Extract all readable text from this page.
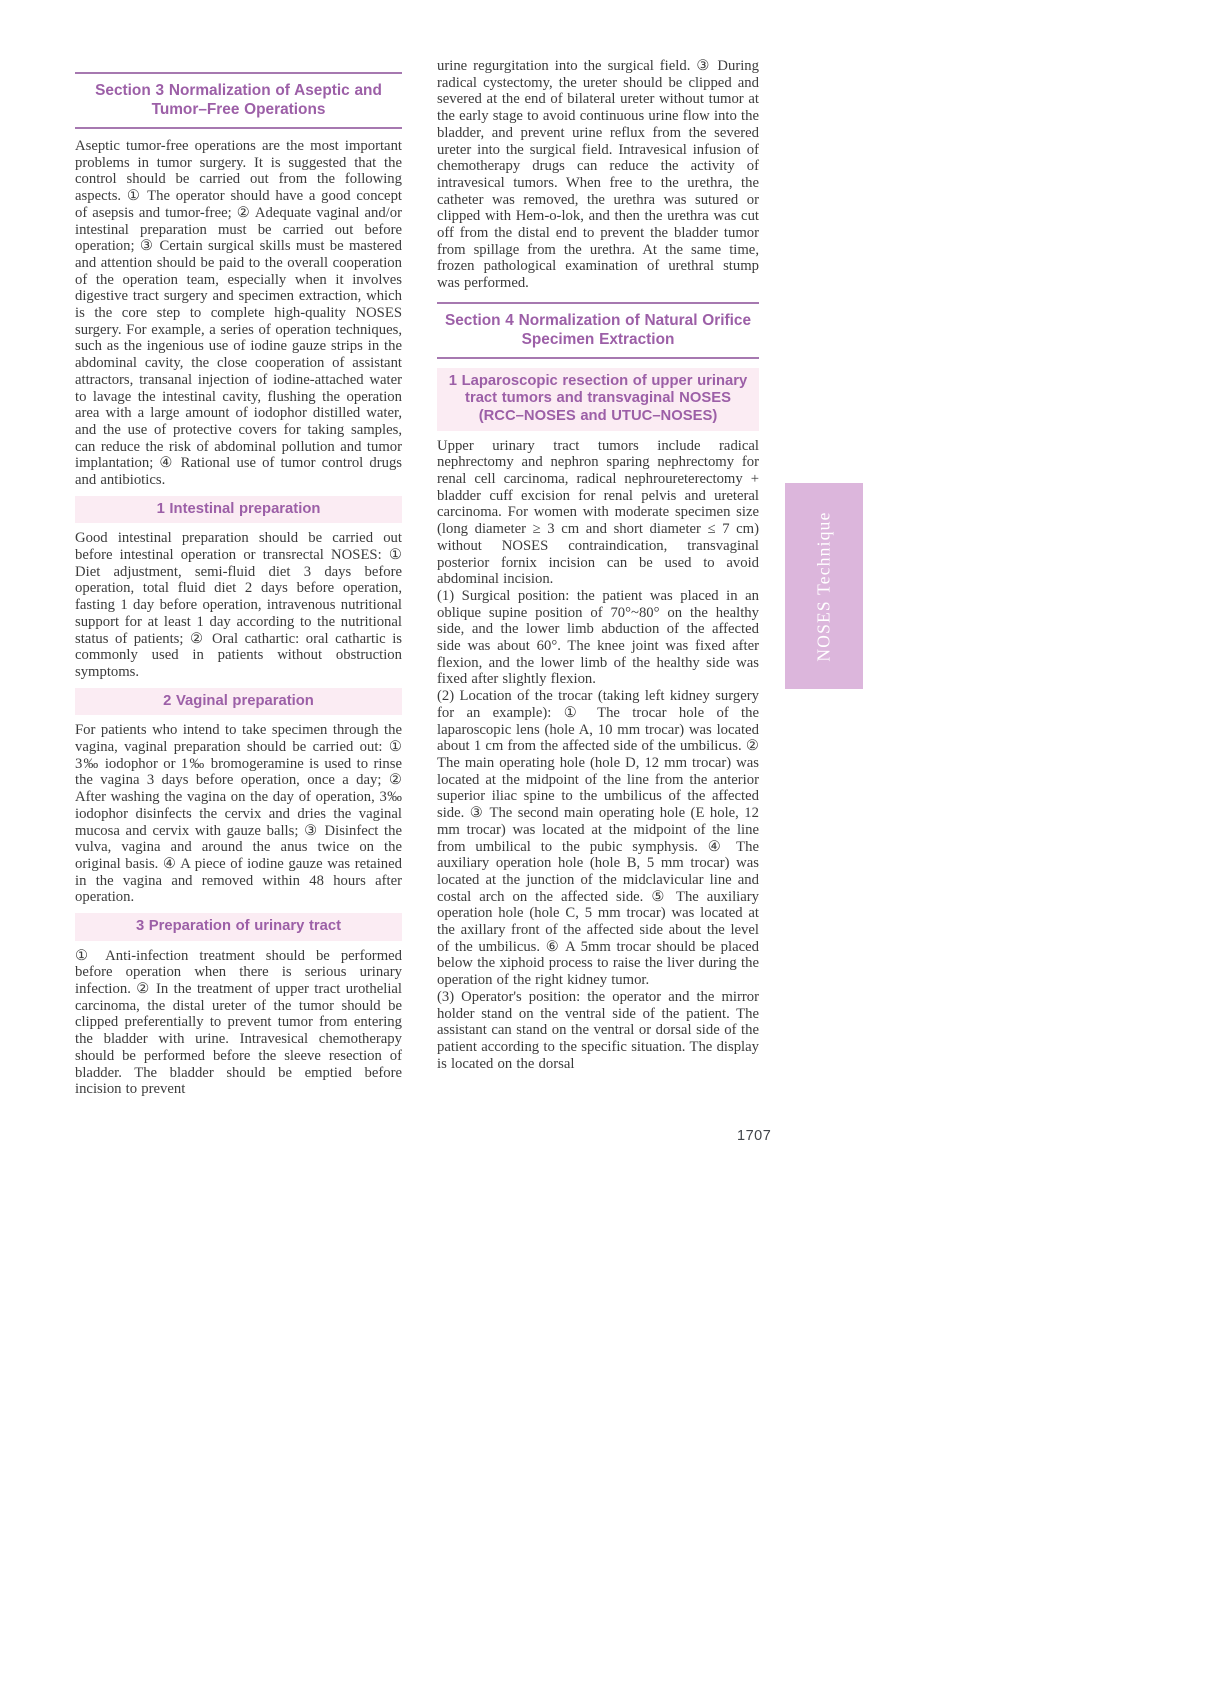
Section 3 Normalization of Aseptic and Tumor–Free Operations

Aseptic tumor-free operations are the most important problems in tumor surgery. It is suggested that the control should be carried out from the following aspects. ① The operator should have a good concept of asepsis and tumor-free; ② Adequate vaginal and/or intestinal preparation must be carried out before operation; ③ Certain surgical skills must be mastered and attention should be paid to the overall cooperation of the operation team, especially when it involves digestive tract surgery and specimen extraction, which is the core step to complete high-quality NOSES surgery. For example, a series of operation techniques, such as the ingenious use of iodine gauze strips in the abdominal cavity, the close cooperation of assistant attractors, transanal injection of iodine-attached water to lavage the intestinal cavity, flushing the operation area with a large amount of iodophor distilled water, and the use of protective covers for taking samples, can reduce the risk of abdominal pollution and tumor implantation; ④ Rational use of tumor control drugs and antibiotics.

1 Intestinal preparation

Good intestinal preparation should be carried out before intestinal operation or transrectal NOSES: ① Diet adjustment, semi-fluid diet 3 days before operation, total fluid diet 2 days before operation, fasting 1 day before operation, intravenous nutritional support for at least 1 day according to the nutritional status of patients; ② Oral cathartic: oral cathartic is commonly used in patients without obstruction symptoms.

2 Vaginal preparation

For patients who intend to take specimen through the vagina, vaginal preparation should be carried out: ① 3‰ iodophor or 1‰ bromogeramine is used to rinse the vagina 3 days before operation, once a day; ② After washing the vagina on the day of operation, 3‰ iodophor disinfects the cervix and dries the vaginal mucosa and cervix with gauze balls; ③ Disinfect the vulva, vagina and around the anus twice on the original basis. ④ A piece of iodine gauze was retained in the vagina and removed within 48 hours after operation.

3 Preparation of urinary tract

① Anti-infection treatment should be performed before operation when there is serious urinary infection. ② In the treatment of upper tract urothelial carcinoma, the distal ureter of the tumor should be clipped preferentially to prevent tumor from entering the bladder with urine. Intravesical chemotherapy should be performed before the sleeve resection of bladder. The bladder should be emptied before incision to prevent

urine regurgitation into the surgical field. ③ During radical cystectomy, the ureter should be clipped and severed at the end of bilateral ureter without tumor at the early stage to avoid continuous urine flow into the bladder, and prevent urine reflux from the severed ureter into the surgical field. Intravesical infusion of chemotherapy drugs can reduce the activity of intravesical tumors. When free to the urethra, the catheter was removed, the urethra was sutured or clipped with Hem-o-lok, and then the urethra was cut off from the distal end to prevent the bladder tumor from spillage from the urethra. At the same time, frozen pathological examination of urethral stump was performed.

Section 4 Normalization of Natural Orifice Specimen Extraction
1 Laparoscopic resection of upper urinary tract tumors and transvaginal NOSES (RCC–NOSES and UTUC–NOSES)

Upper urinary tract tumors include radical nephrectomy and nephron sparing nephrectomy for renal cell carcinoma, radical nephroureterectomy + bladder cuff excision for renal pelvis and ureteral carcinoma. For women with moderate specimen size (long diameter ≥ 3 cm and short diameter ≤ 7 cm) without NOSES contraindication, transvaginal posterior fornix incision can be used to avoid abdominal incision.

(1) Surgical position: the patient was placed in an oblique supine position of 70°~80° on the healthy side, and the lower limb abduction of the affected side was about 60°. The knee joint was fixed after flexion, and the lower limb of the healthy side was fixed after slightly flexion.

(2) Location of the trocar (taking left kidney surgery for an example): ① The trocar hole of the laparoscopic lens (hole A, 10 mm trocar) was located about 1 cm from the affected side of the umbilicus. ② The main operating hole (hole D, 12 mm trocar) was located at the midpoint of the line from the anterior superior iliac spine to the umbilicus of the affected side. ③ The second main operating hole (E hole, 12 mm trocar) was located at the midpoint of the line from umbilical to the pubic symphysis. ④ The auxiliary operation hole (hole B, 5 mm trocar) was located at the junction of the midclavicular line and costal arch on the affected side. ⑤ The auxiliary operation hole (hole C, 5 mm trocar) was located at the axillary front of the affected side about the level of the umbilicus. ⑥ A 5mm trocar should be placed below the xiphoid process to raise the liver during the operation of the right kidney tumor.

(3) Operator's position: the operator and the mirror holder stand on the ventral side of the patient. The assistant can stand on the ventral or dorsal side of the patient according to the specific situation. The display is located on the dorsal

NOSES Technique
1707
